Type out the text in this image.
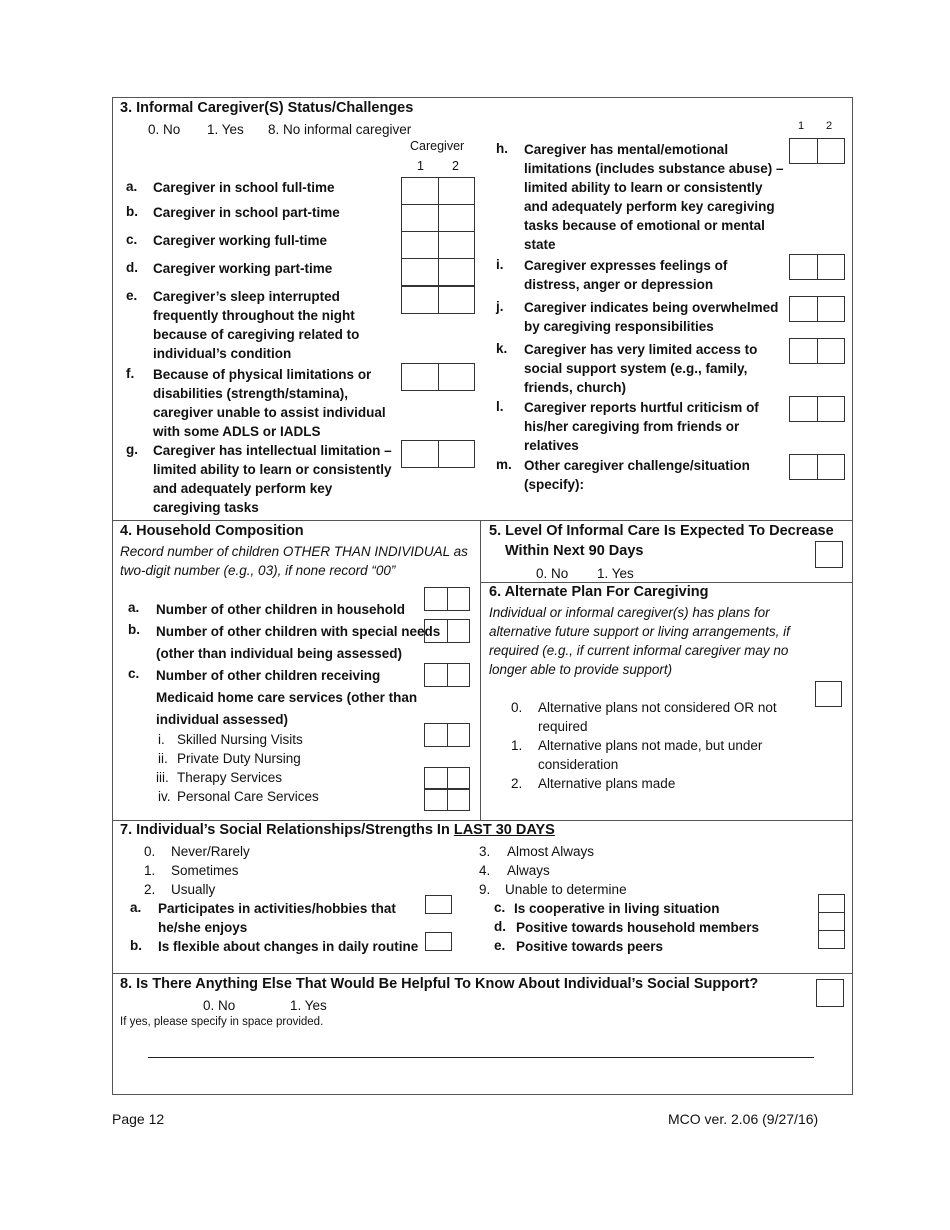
3. Informal Caregiver(S) Status/Challenges
0. No 1. Yes 8. No informal caregiver
Caregiver
1 2
1 2
a. Caregiver in school full-time
b. Caregiver in school part-time
c. Caregiver working full-time
d. Caregiver working part-time
e. Caregiver’s sleep interrupted frequently throughout the night because of caregiving related to individual’s condition
f. Because of physical limitations or disabilities (strength/stamina), caregiver unable to assist individual with some ADLS or IADLS
g. Caregiver has intellectual limitation – limited ability to learn or consistently and adequately perform key caregiving tasks
h. Caregiver has mental/emotional limitations (includes substance abuse) – limited ability to learn or consistently and adequately perform key caregiving tasks because of emotional or mental state
i. Caregiver expresses feelings of distress, anger or depression
j. Caregiver indicates being overwhelmed by caregiving responsibilities
k. Caregiver has very limited access to social support system (e.g., family, friends, church)
l. Caregiver reports hurtful criticism of his/her caregiving from friends or relatives
m. Other caregiver challenge/situation (specify):
4. Household Composition
Record number of children OTHER THAN INDIVIDUAL as two-digit number (e.g., 03), if none record “00”
a. Number of other children in household
b. Number of other children with special needs (other than individual being assessed)
c. Number of other children receiving Medicaid home care services (other than individual assessed)
i. Skilled Nursing Visits
ii. Private Duty Nursing
iii. Therapy Services
iv. Personal Care Services
5. Level Of Informal Care Is Expected To Decrease
Within Next 90 Days
0. No 1. Yes
6. Alternate Plan For Caregiving
Individual or informal caregiver(s) has plans for alternative future support or living arrangements, if required (e.g., if current informal caregiver may no longer able to provide support)
0. Alternative plans not considered OR not required
1. Alternative plans not made, but under consideration
2. Alternative plans made
7. Individual’s Social Relationships/Strengths In LAST 30 DAYS
0. Never/Rarely
1. Sometimes
2. Usually
3. Almost Always
4. Always
9. Unable to determine
a. Participates in activities/hobbies that he/she enjoys
b. Is flexible about changes in daily routine
c. Is cooperative in living situation
d. Positive towards household members
e. Positive towards peers
8. Is There Anything Else That Would Be Helpful To Know About Individual’s Social Support?
0. No	1. Yes
If yes, please specify in space provided.
Page 12	MCO ver. 2.06 (9/27/16)
